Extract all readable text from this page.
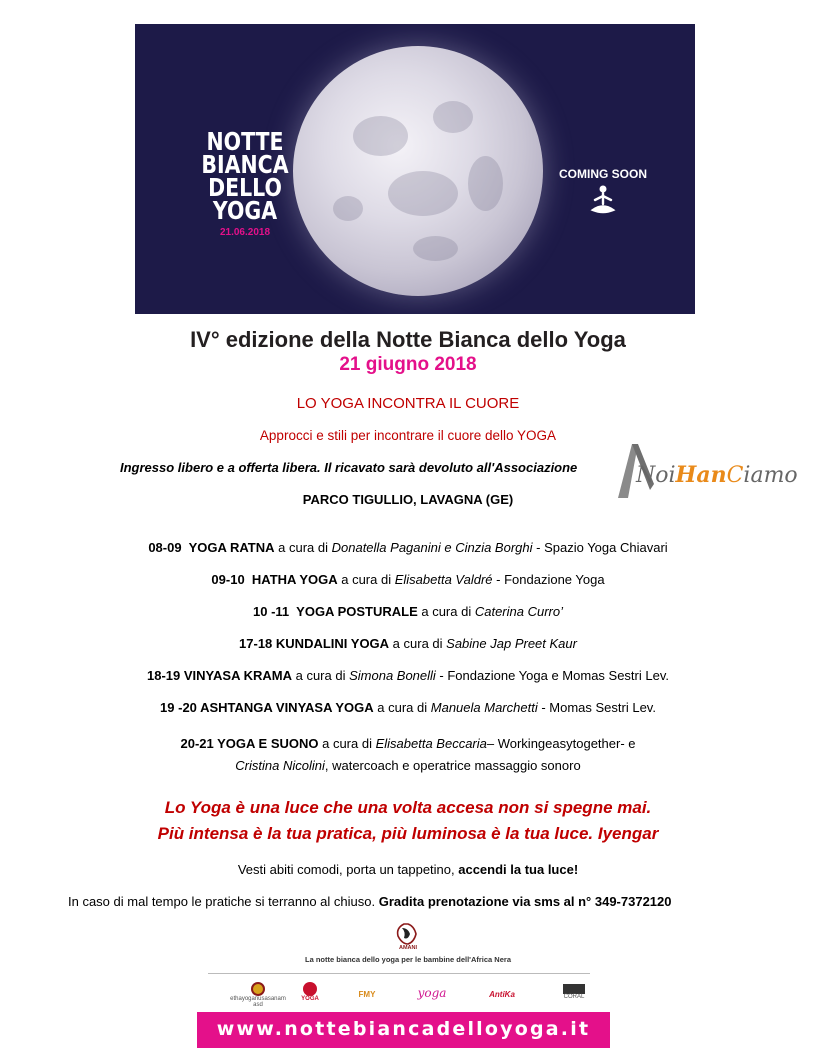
NOTTE
BIANCA
DELLO
YOGA
21.06.2018
COMING SOON
IV° edizione della Notte Bianca dello Yoga
21 giugno 2018
LO YOGA INCONTRA IL CUORE
Approcci e stili per incontrare il cuore dello YOGA
Ingresso libero e a offerta libera. Il ricavato sarà devoluto all'Associazione	NoiHanCiamo
PARCO TIGULLIO, LAVAGNA (GE)
08-09 YOGA RATNA a cura di Donatella Paganini e Cinzia Borghi - Spazio Yoga Chiavari
09-10 HATHA YOGA a cura di Elisabetta Valdré - Fondazione Yoga
10 -11 YOGA POSTURALE a cura di Caterina Curro’
17-18 KUNDALINI YOGA a cura di Sabine Jap Preet Kaur
18-19 VINYASA KRAMA a cura di Simona Bonelli - Fondazione Yoga e Momas Sestri Lev.
19 -20 ASHTANGA VINYASA YOGA a cura di Manuela Marchetti - Momas Sestri Lev.
20-21 YOGA E SUONO a cura di Elisabetta Beccaria– Workingeasytogether- e
Cristina Nicolini, watercoach e operatrice massaggio sonoro
Lo Yoga è una luce che una volta accesa non si spegne mai.
Più intensa è la tua pratica, più luminosa è la tua luce. Iyengar
Vesti abiti comodi, porta un tappetino, accendi la tua luce!
In caso di mal tempo le pratiche si terranno al chiuso. Gradita prenotazione via sms al n° 349-7372120
AMANI
La notte bianca dello yoga per le bambine dell'Africa Nera
ethayoganusasanam asd
YOGA	FMY	yoga	AntiKa	CORAL
www.nottebiancadelloyoga.it
